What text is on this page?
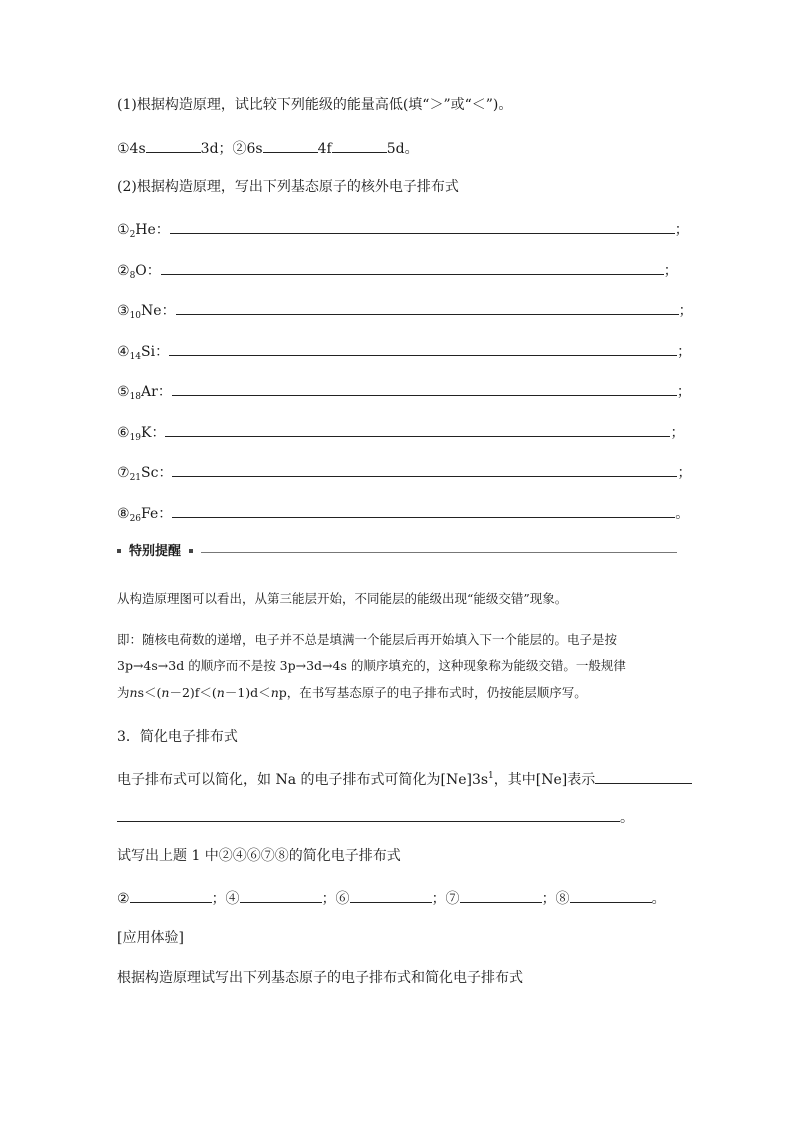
(1)根据构造原理，试比较下列能级的能量高低(填“＞”或“＜”)。
①4s	3d；②6s	4f	5d。
(2)根据构造原理，写出下列基态原子的核外电子排布式
$①_2He$：	；
$②_8O$：	；
$③_{10}Ne$：	；
$④_{14}Si$：	；
$⑤_{18}Ar$：	；
$⑥_{19}K$：	；
$⑦_{21}Sc$：	；
$⑧_{26}Fe$：	。
特别提醒
从构造原理图可以看出，从第三能层开始，不同能层的能级出现“能级交错”现象。
即：随核电荷数的递增，电子并不总是填满一个能层后再开始填入下一个能层的。电子是按
3p→4s→3d 的顺序而不是按 3p→3d→4s 的顺序填充的，这种现象称为能级交错。一般规律
为ns＜(n－2)f＜(n－1)d＜np，在书写基态原子的电子排布式时，仍按能层顺序写。
3．简化电子排布式
电子排布式可以简化，如 Na 的电子排布式可简化为$[Ne]3s^1$，其中[Ne]表示
。
试写出上题 1 中②④⑥⑦⑧的简化电子排布式
②	；④	；⑥	；⑦	；⑧	。
[应用体验]
根据构造原理试写出下列基态原子的电子排布式和简化电子排布式
